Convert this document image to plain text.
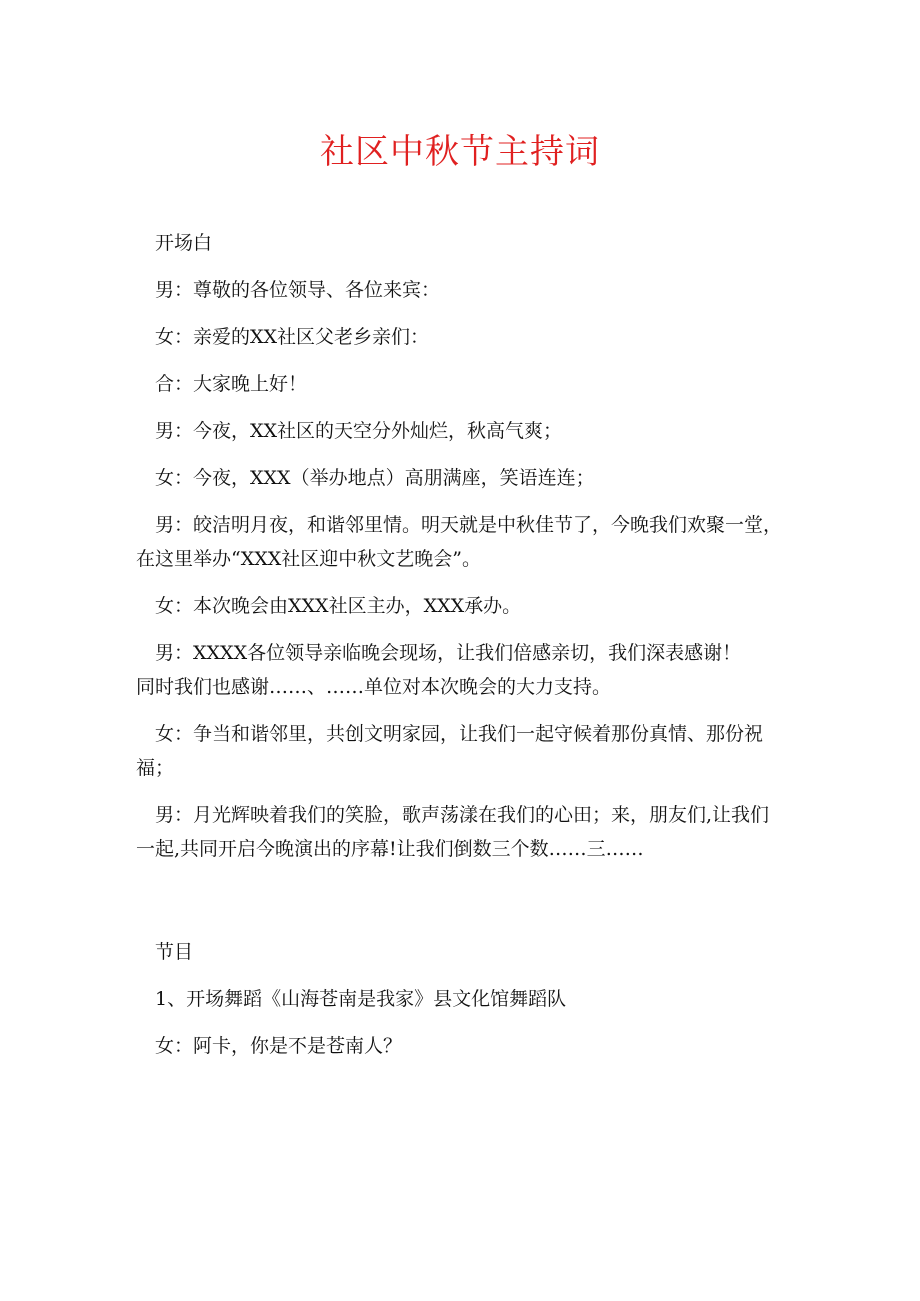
社区中秋节主持词

开场白

男：尊敬的各位领导、各位来宾：

女：亲爱的XX社区父老乡亲们：

合：大家晚上好！

男：今夜，XX社区的天空分外灿烂，秋高气爽；

女：今夜，XXX（举办地点）高朋满座，笑语连连；

男：皎洁明月夜，和谐邻里情。明天就是中秋佳节了，今晚我们欢聚一堂，在这里举办“XXX社区迎中秋文艺晚会”。

女：本次晚会由XXX社区主办，XXX承办。

男：XXXX各位领导亲临晚会现场，让我们倍感亲切，我们深表感谢！

同时我们也感谢……、……单位对本次晚会的大力支持。

女：争当和谐邻里，共创文明家园，让我们一起守候着那份真情、那份祝福；

男：月光辉映着我们的笑脸，歌声荡漾在我们的心田；来，朋友们,让我们一起,共同开启今晚演出的序幕!让我们倒数三个数……三……

节目

1、开场舞蹈《山海苍南是我家》县文化馆舞蹈队

女：阿卡，你是不是苍南人？
